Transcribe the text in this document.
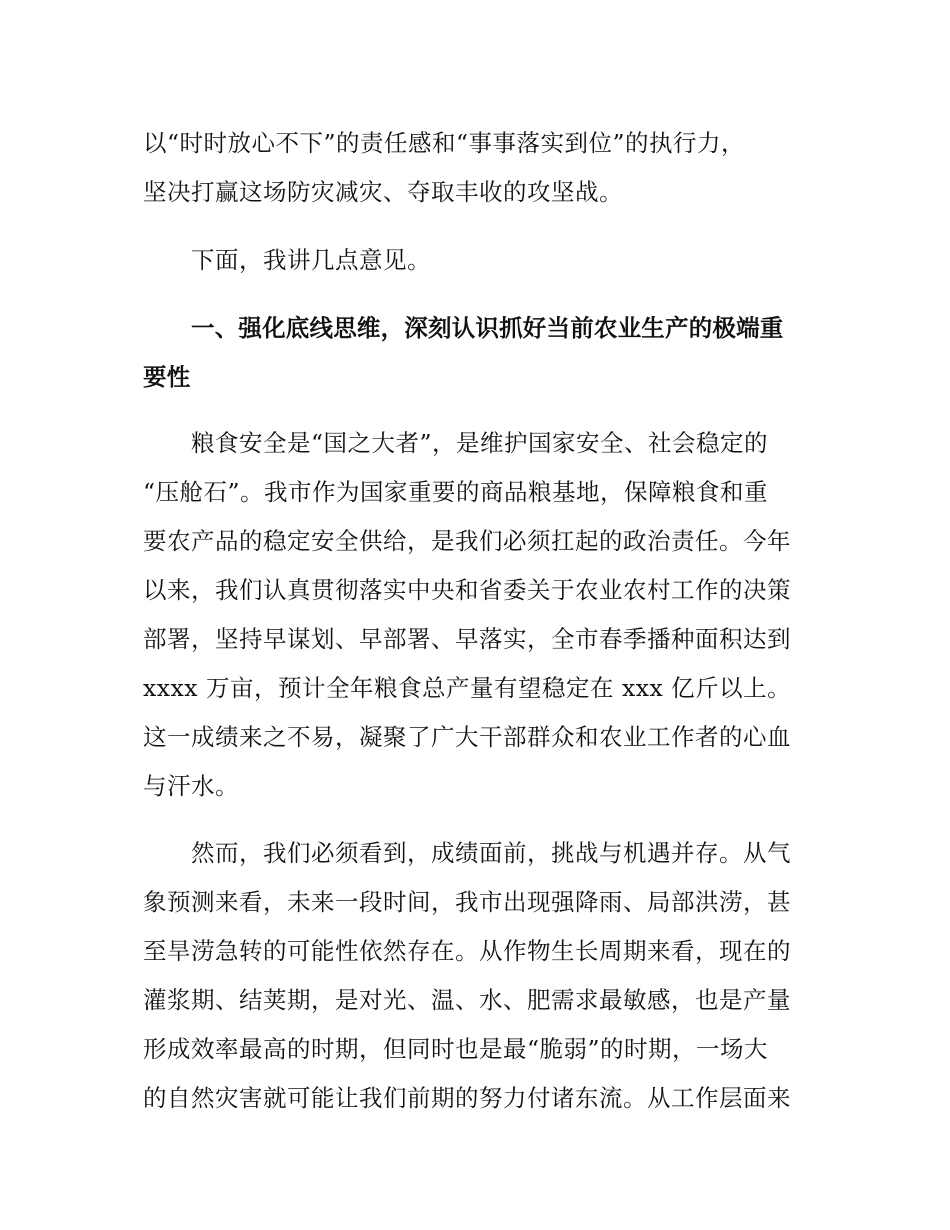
以“时时放心不下”的责任感和“事事落实到位”的执行力，
坚决打赢这场防灾减灾、夺取丰收的攻坚战。
下面，我讲几点意见。
一、强化底线思维，深刻认识抓好当前农业生产的极端重
要性
粮食安全是“国之大者”，是维护国家安全、社会稳定的
“压舱石”。我市作为国家重要的商品粮基地，保障粮食和重
要农产品的稳定安全供给，是我们必须扛起的政治责任。今年
以来，我们认真贯彻落实中央和省委关于农业农村工作的决策
部署，坚持早谋划、早部署、早落实，全市春季播种面积达到
xxxx 万亩，预计全年粮食总产量有望稳定在 xxx 亿斤以上。
这一成绩来之不易，凝聚了广大干部群众和农业工作者的心血
与汗水。
然而，我们必须看到，成绩面前，挑战与机遇并存。从气
象预测来看，未来一段时间，我市出现强降雨、局部洪涝，甚
至旱涝急转的可能性依然存在。从作物生长周期来看，现在的
灌浆期、结荚期，是对光、温、水、肥需求最敏感，也是产量
形成效率最高的时期，但同时也是最“脆弱”的时期，一场大
的自然灾害就可能让我们前期的努力付诸东流。从工作层面来
